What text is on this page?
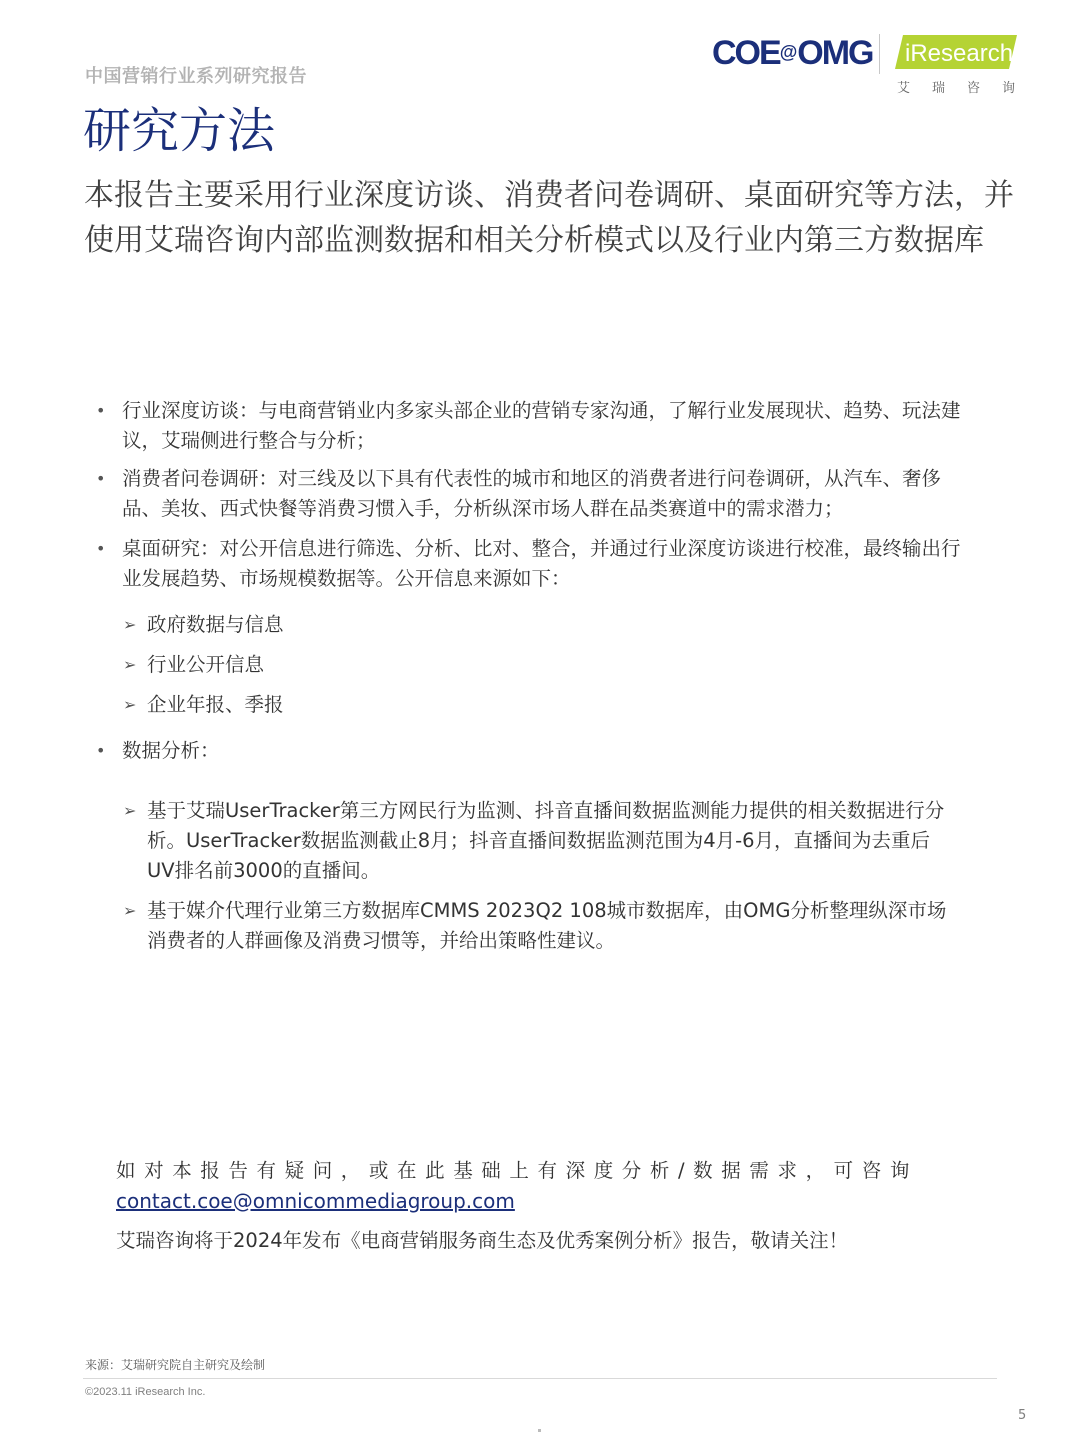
中国营销行业系列研究报告
COE@OMG iResearch
艾瑞咨询
研究方法
本报告主要采用行业深度访谈、消费者问卷调研、桌面研究等方法，并使用艾瑞咨询内部监测数据和相关分析模式以及行业内第三方数据库
• 行业深度访谈：与电商营销业内多家头部企业的营销专家沟通，了解行业发展现状、趋势、玩法建议，艾瑞侧进行整合与分析；
• 消费者问卷调研：对三线及以下具有代表性的城市和地区的消费者进行问卷调研，从汽车、奢侈品、美妆、西式快餐等消费习惯入手，分析纵深市场人群在品类赛道中的需求潜力；
• 桌面研究：对公开信息进行筛选、分析、比对、整合，并通过行业深度访谈进行校准，最终输出行业发展趋势、市场规模数据等。公开信息来源如下：
➢ 政府数据与信息
➢ 行业公开信息
➢ 企业年报、季报
• 数据分析：
➢ 基于艾瑞UserTracker第三方网民行为监测、抖音直播间数据监测能力提供的相关数据进行分析。UserTracker数据监测截止8月；抖音直播间数据监测范围为4月-6月，直播间为去重后UV排名前3000的直播间。
➢ 基于媒介代理行业第三方数据库CMMS 2023Q2 108城市数据库，由OMG分析整理纵深市场消费者的人群画像及消费习惯等，并给出策略性建议。
如对本报告有疑问，或在此基础上有深度分析/数据需求，可咨询
contact.coe@omnicommediagroup.com
艾瑞咨询将于2024年发布《电商营销服务商生态及优秀案例分析》报告，敬请关注！
来源：艾瑞研究院自主研究及绘制
©2023.11 iResearch Inc.
5
